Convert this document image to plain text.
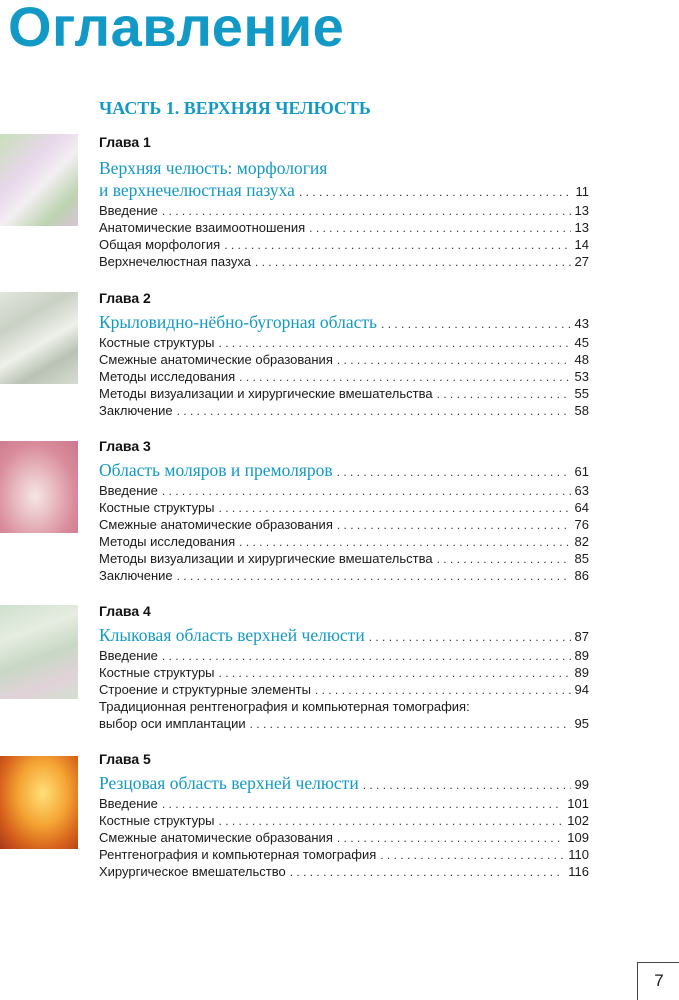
Оглавление
ЧАСТЬ 1. ВЕРХНЯЯ ЧЕЛЮСТЬ
Глава 1
Верхняя челюсть: морфология
и верхнечелюстная пазуха . . .	11
Введение . . .	13
Анатомические взаимоотношения . . .	13
Общая морфология . . .	14
Верхнечелюстная пазуха . . .	27
Глава 2
Крыловидно-нёбно-бугорная область . . .	43
Костные структуры . . .	45
Смежные анатомические образования . . .	48
Методы исследования . . .	53
Методы визуализации и хирургические вмешательства . . .	55
Заключение . . .	58
Глава 3
Область моляров и премоляров . . .	61
Введение . . .	63
Костные структуры . . .	64
Смежные анатомические образования . . .	76
Методы исследования . . .	82
Методы визуализации и хирургические вмешательства . . .	85
Заключение . . .	86
Глава 4
Клыковая область верхней челюсти . . .	87
Введение . . .	89
Костные структуры . . .	89
Строение и структурные элементы . . .	94
Традиционная рентгенография и компьютерная томография:
выбор оси имплантации . . .	95
Глава 5
Резцовая область верхней челюсти . . .	99
Введение . . .	101
Костные структуры . . .	102
Смежные анатомические образования . . .	109
Рентгенография и компьютерная томография . . .	110
Хирургическое вмешательство . . .	116
7
